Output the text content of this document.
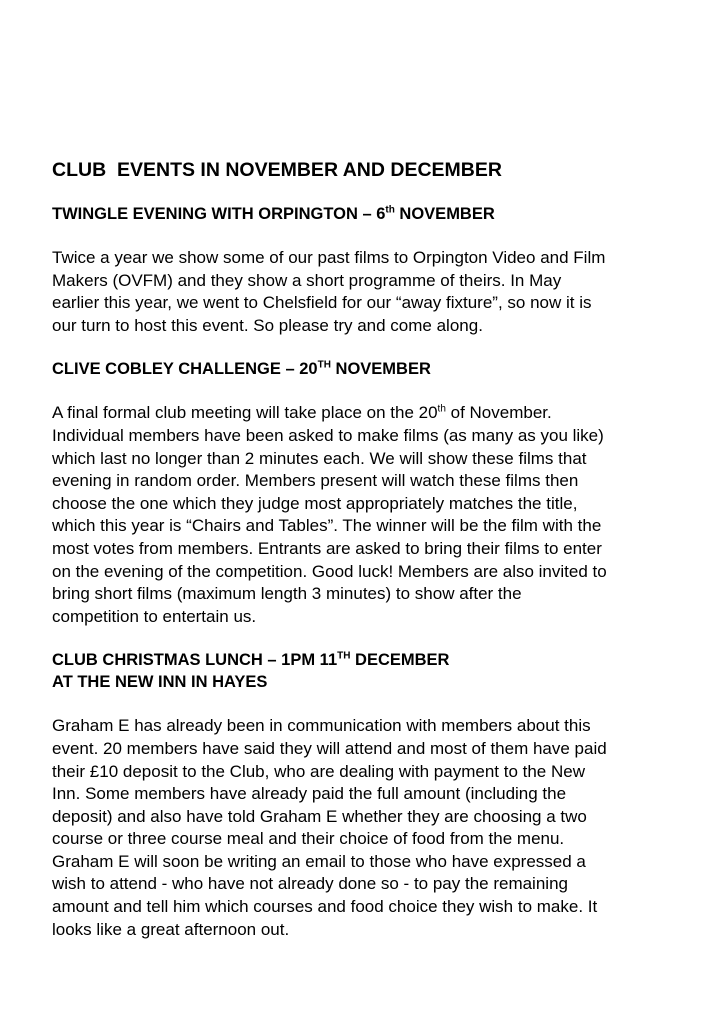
CLUB  EVENTS IN NOVEMBER AND DECEMBER
TWINGLE EVENING WITH ORPINGTON – 6th NOVEMBER
Twice a year we show some of our past films to Orpington Video and Film
Makers (OVFM) and they show a short programme of theirs. In May
earlier this year, we went to Chelsfield for our “away fixture”, so now it is
our turn to host this event. So please try and come along.
CLIVE COBLEY CHALLENGE – 20TH NOVEMBER
A final formal club meeting will take place on the 20th of November.
Individual members have been asked to make films (as many as you like)
which last no longer than 2 minutes each. We will show these films that
evening in random order. Members present will watch these films then
choose the one which they judge most appropriately matches the title,
which this year is “Chairs and Tables”. The winner will be the film with the
most votes from members. Entrants are asked to bring their films to enter
on the evening of the competition. Good luck! Members are also invited to
bring short films (maximum length 3 minutes) to show after the
competition to entertain us.
CLUB CHRISTMAS LUNCH – 1PM 11TH DECEMBER
AT THE NEW INN IN HAYES
Graham E has already been in communication with members about this
event. 20 members have said they will attend and most of them have paid
their £10 deposit to the Club, who are dealing with payment to the New
Inn. Some members have already paid the full amount (including the
deposit) and also have told Graham E whether they are choosing a two
course or three course meal and their choice of food from the menu.
Graham E will soon be writing an email to those who have expressed a
wish to attend - who have not already done so - to pay the remaining
amount and tell him which courses and food choice they wish to make. It
looks like a great afternoon out.
